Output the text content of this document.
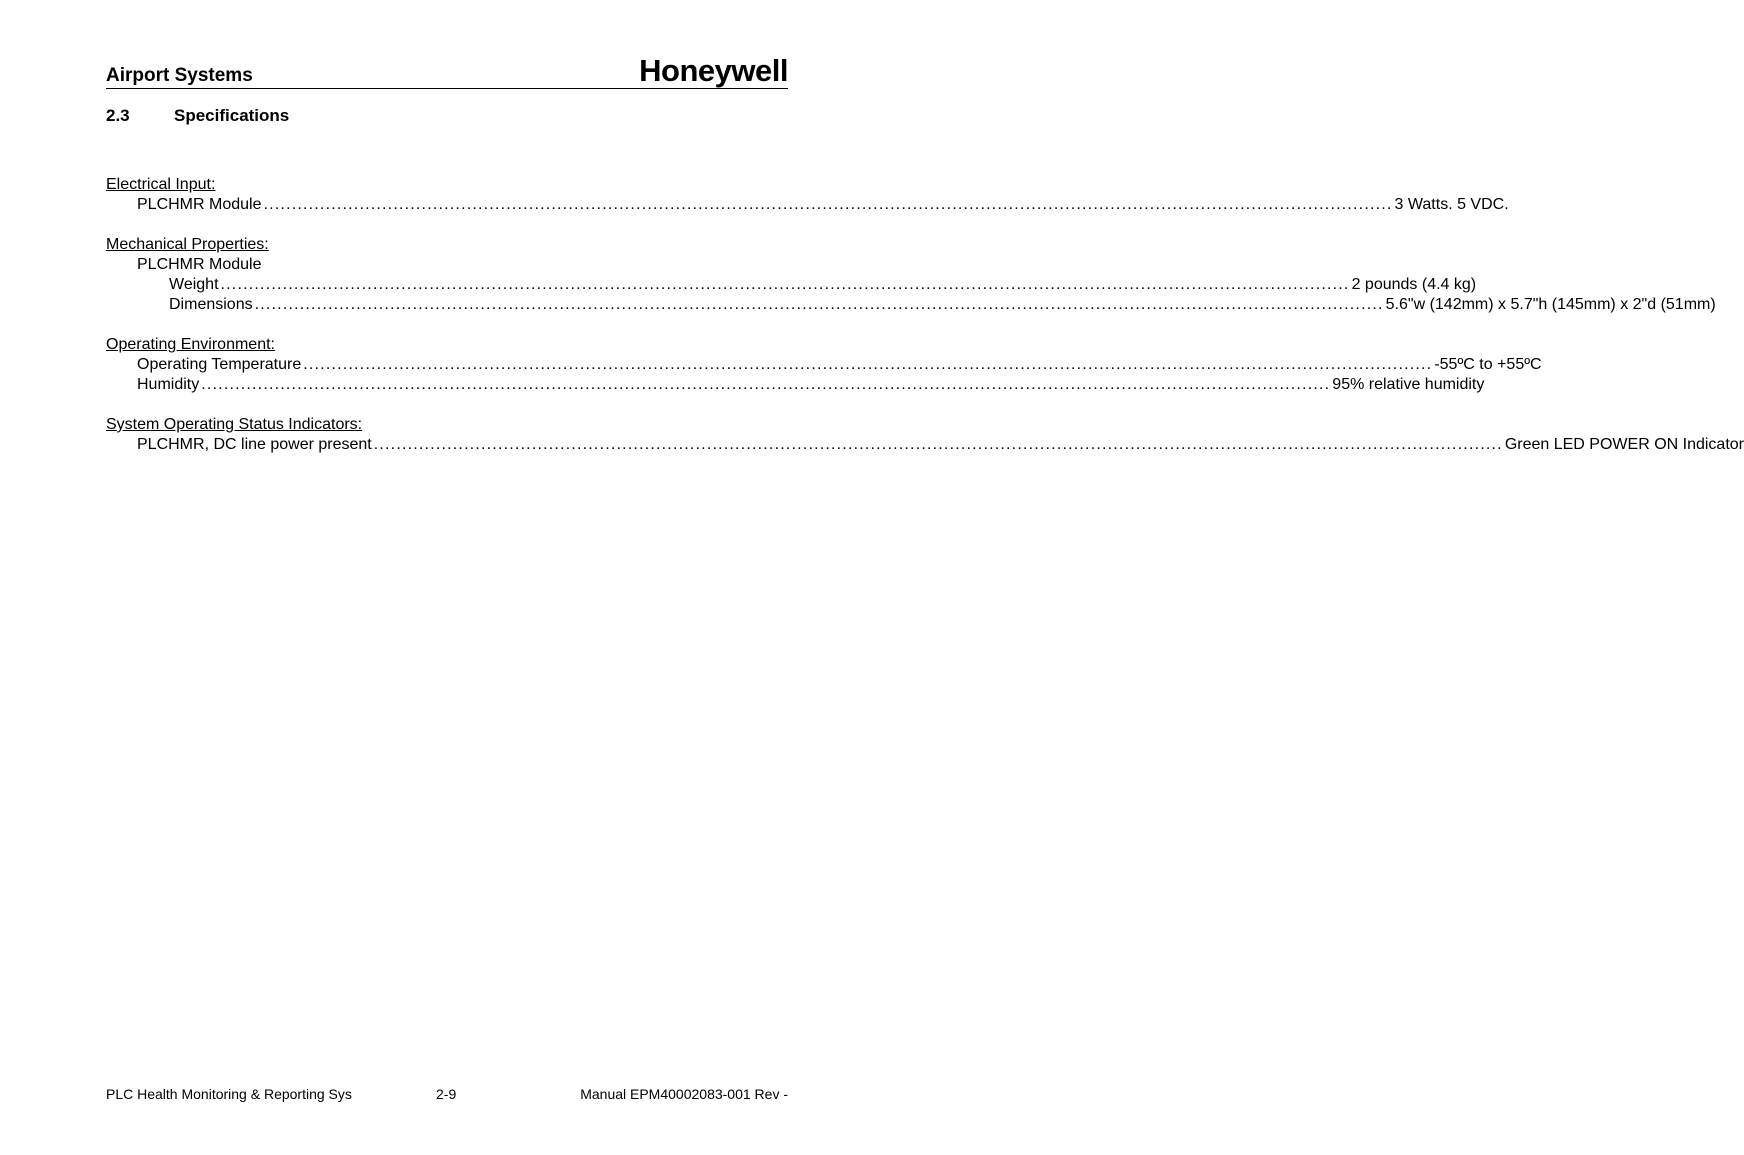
Airport Systems	Honeywell
2.3	Specifications
Electrical Input:
PLCHMR Module ........................................................................................................................................................................................................ 3 Watts. 5 VDC.
Mechanical Properties:
PLCHMR Module
Weight ........................................................................................................................................................................................................ 2 pounds (4.4 kg)
Dimensions ........................................................................................................................................................................................................ 5.6"w (142mm) x 5.7"h (145mm) x 2"d (51mm)
Operating Environment:
Operating Temperature ........................................................................................................................................................................................................ -55ºC to +55ºC
Humidity ........................................................................................................................................................................................................ 95% relative humidity
System Operating Status Indicators:
PLCHMR, DC line power present ........................................................................................................................................................................................................ Green LED POWER ON Indicator
PLC Health Monitoring & Reporting Sys	2-9	Manual EPM40002083-001 Rev -
